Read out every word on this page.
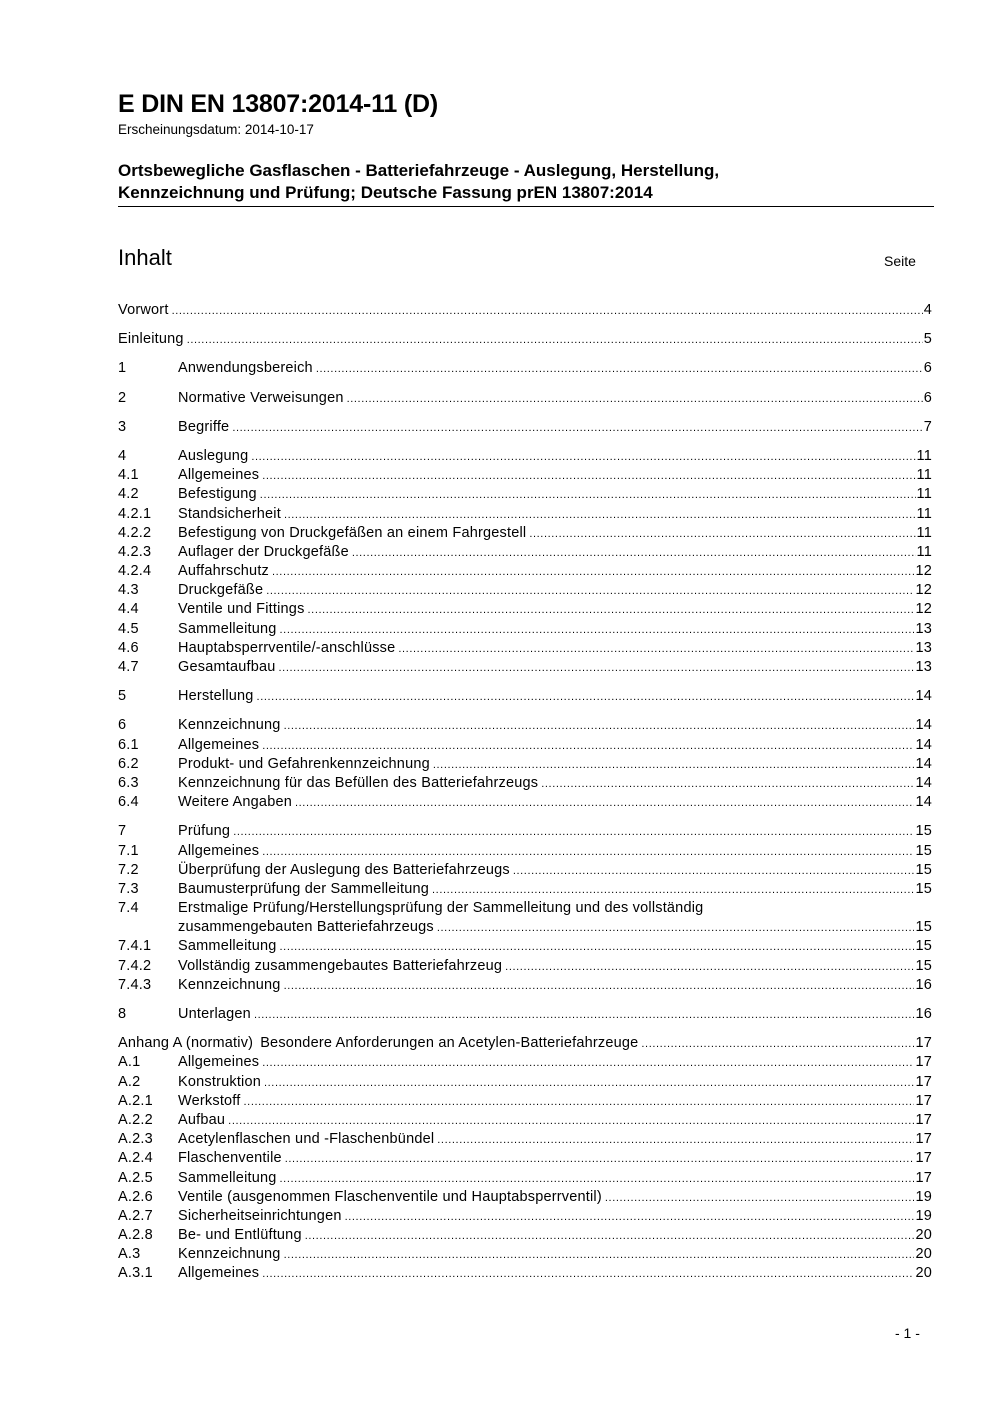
E DIN EN 13807:2014-11 (D)
Erscheinungsdatum: 2014-10-17
Ortsbewegliche Gasflaschen - Batteriefahrzeuge - Auslegung, Herstellung,
Kennzeichnung und Prüfung; Deutsche Fassung prEN 13807:2014
Inhalt	Seite
Vorwort .....	4
Einleitung .....	5
1	Anwendungsbereich .....	6
2	Normative Verweisungen .....	6
3	Begriffe .....	7
4	Auslegung .....	11
4.1	Allgemeines .....	11
4.2	Befestigung .....	11
4.2.1	Standsicherheit .....	11
4.2.2	Befestigung von Druckgefäßen an einem Fahrgestell .....	11
4.2.3	Auflager der Druckgefäße .....	11
4.2.4	Auffahrschutz .....	12
4.3	Druckgefäße .....	12
4.4	Ventile und Fittings .....	12
4.5	Sammelleitung .....	13
4.6	Hauptabsperrventile/-anschlüsse .....	13
4.7	Gesamtaufbau .....	13
5	Herstellung .....	14
6	Kennzeichnung .....	14
6.1	Allgemeines .....	14
6.2	Produkt- und Gefahrenkennzeichnung .....	14
6.3	Kennzeichnung für das Befüllen des Batteriefahrzeugs .....	14
6.4	Weitere Angaben .....	14
7	Prüfung .....	15
7.1	Allgemeines .....	15
7.2	Überprüfung der Auslegung des Batteriefahrzeugs .....	15
7.3	Baumusterprüfung der Sammelleitung .....	15
7.4	Erstmalige Prüfung/Herstellungsprüfung der Sammelleitung und des vollständig
zusammengebauten Batteriefahrzeugs .....	15
7.4.1	Sammelleitung .....	15
7.4.2	Vollständig zusammengebautes Batteriefahrzeug .....	15
7.4.3	Kennzeichnung .....	16
8	Unterlagen .....	16
Anhang A (normativ) Besondere Anforderungen an Acetylen-Batteriefahrzeuge .....	17
A.1	Allgemeines .....	17
A.2	Konstruktion .....	17
A.2.1	Werkstoff .....	17
A.2.2	Aufbau .....	17
A.2.3	Acetylenflaschen und -Flaschenbündel .....	17
A.2.4	Flaschenventile .....	17
A.2.5	Sammelleitung .....	17
A.2.6	Ventile (ausgenommen Flaschenventile und Hauptabsperrventil) .....	19
A.2.7	Sicherheitseinrichtungen .....	19
A.2.8	Be- und Entlüftung .....	20
A.3	Kennzeichnung .....	20
A.3.1	Allgemeines .....	20
- 1 -
